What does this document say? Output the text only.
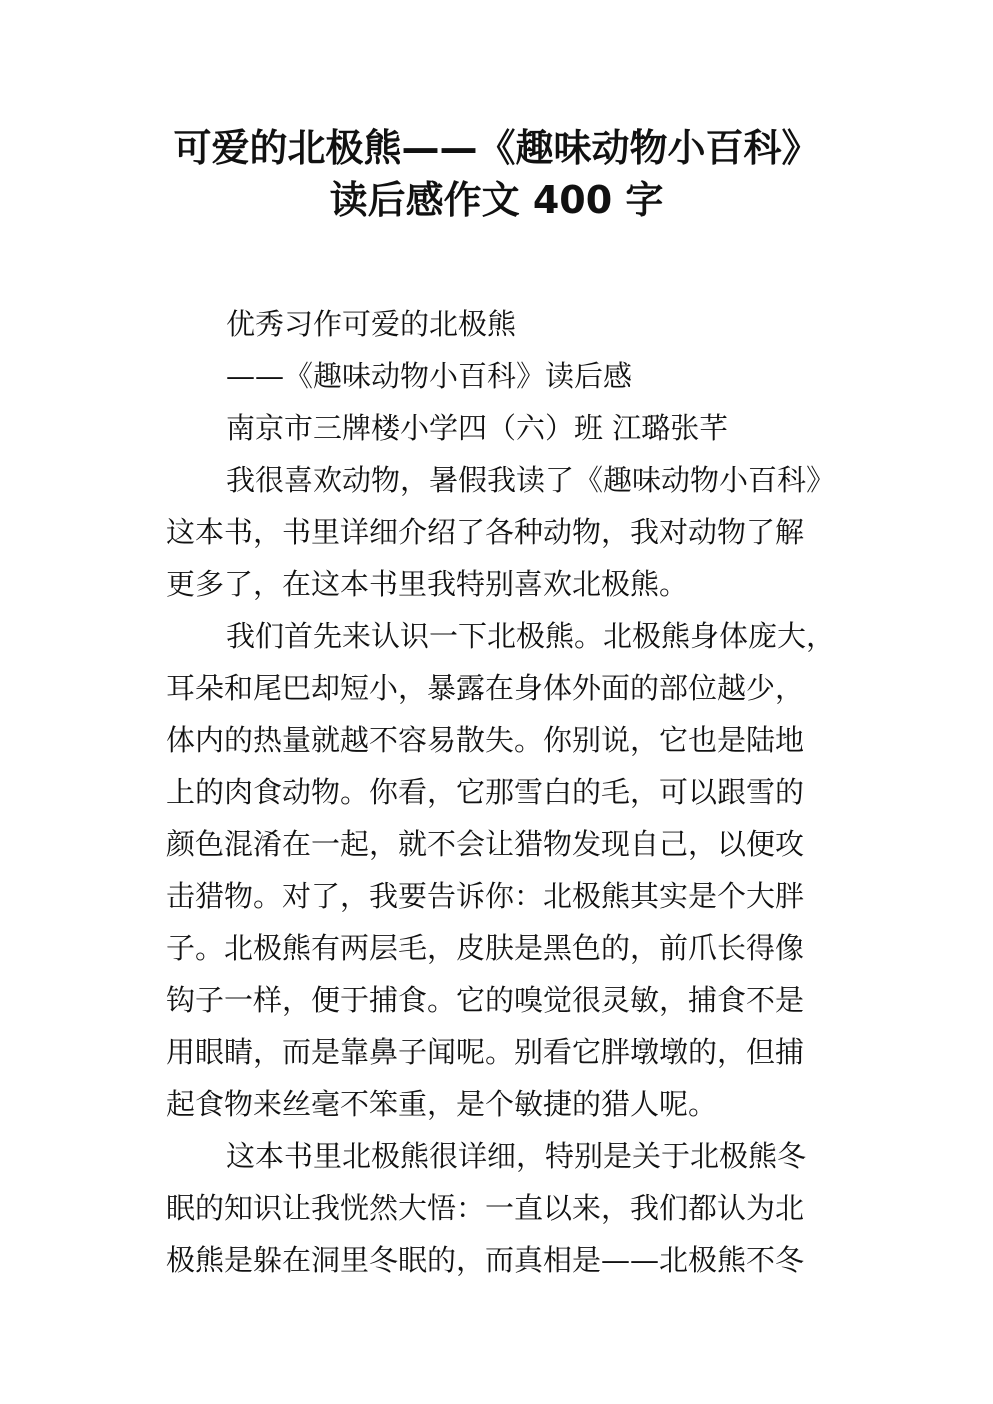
可爱的北极熊——《趣味动物小百科》
读后感作文 400 字
优秀习作可爱的北极熊
——《趣味动物小百科》读后感
南京市三牌楼小学四（六）班 江璐张芊
我很喜欢动物，暑假我读了《趣味动物小百科》
这本书，书里详细介绍了各种动物，我对动物了解
更多了，在这本书里我特别喜欢北极熊。
我们首先来认识一下北极熊。北极熊身体庞大，
耳朵和尾巴却短小，暴露在身体外面的部位越少，
体内的热量就越不容易散失。你别说，它也是陆地
上的肉食动物。你看，它那雪白的毛，可以跟雪的
颜色混淆在一起，就不会让猎物发现自己，以便攻
击猎物。对了，我要告诉你：北极熊其实是个大胖
子。北极熊有两层毛，皮肤是黑色的，前爪长得像
钩子一样，便于捕食。它的嗅觉很灵敏，捕食不是
用眼睛，而是靠鼻子闻呢。别看它胖墩墩的，但捕
起食物来丝毫不笨重，是个敏捷的猎人呢。
这本书里北极熊很详细，特别是关于北极熊冬
眠的知识让我恍然大悟：一直以来，我们都认为北
极熊是躲在洞里冬眠的，而真相是——北极熊不冬
